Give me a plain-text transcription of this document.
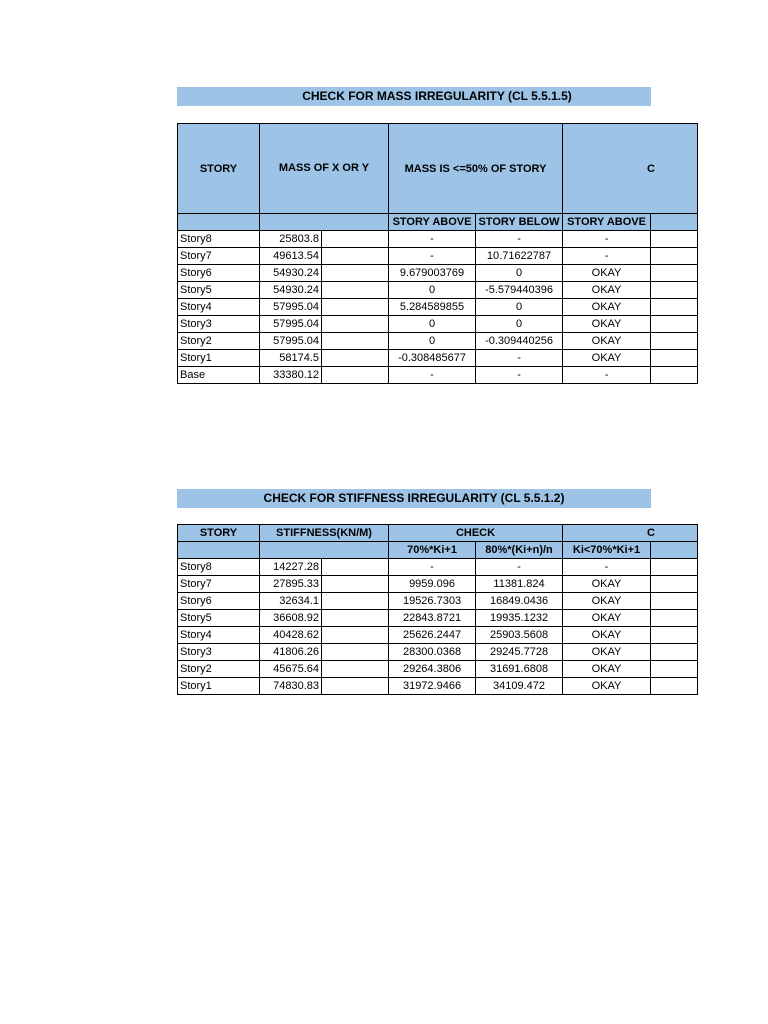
CHECK FOR MASS IRREGULARITY (CL 5.5.1.5)
STORY	MASS OF X OR Y		MASS IS <=50% OF STORY		C	
			STORY ABOVE	STORY BELOW	STORY ABOVE	
Story8	25803.8		-	-	-	
Story7	49613.54		-	10.71622787	-	
Story6	54930.24		9.679003769	0	OKAY	
Story5	54930.24		0	-5.579440396	OKAY	
Story4	57995.04		5.284589855	0	OKAY	
Story3	57995.04		0	0	OKAY	
Story2	57995.04		0	-0.309440256	OKAY	
Story1	58174.5		-0.308485677	-	OKAY	
Base	33380.12		-	-	-	
CHECK FOR STIFFNESS IRREGULARITY (CL 5.5.1.2)
STORY	STIFFNESS(KN/M)		CHECK		C	
			70%*Ki+1	80%*(Ki+n)/n	Ki<70%*Ki+1	
Story8	14227.28		-	-	-	
Story7	27895.33		9959.096	11381.824	OKAY	
Story6	32634.1		19526.7303	16849.0436	OKAY	
Story5	36608.92		22843.8721	19935.1232	OKAY	
Story4	40428.62		25626.2447	25903.5608	OKAY	
Story3	41806.26		28300.0368	29245.7728	OKAY	
Story2	45675.64		29264.3806	31691.6808	OKAY	
Story1	74830.83		31972.9466	34109.472	OKAY	
